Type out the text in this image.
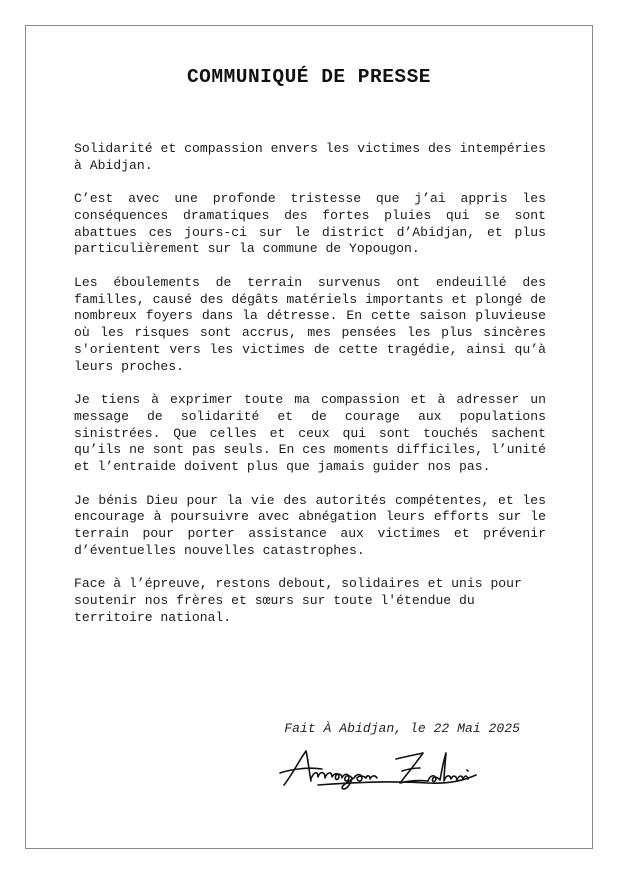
COMMUNIQUÉ DE PRESSE

Solidarité et compassion envers les victimes des intempéries à Abidjan.

C’est avec une profonde tristesse que j’ai appris les conséquences dramatiques des fortes pluies qui se sont abattues ces jours-ci sur le district d’Abidjan, et plus particulièrement sur la commune de Yopougon.

Les éboulements de terrain survenus ont endeuillé des familles, causé des dégâts matériels importants et plongé de nombreux foyers dans la détresse. En cette saison pluvieuse où les risques sont accrus, mes pensées les plus sincères s'orientent vers les victimes de cette tragédie, ainsi qu’à leurs proches.

Je tiens à exprimer toute ma compassion et à adresser un message de solidarité et de courage aux populations sinistrées. Que celles et ceux qui sont touchés sachent qu’ils ne sont pas seuls. En ces moments difficiles, l’unité et l’entraide doivent plus que jamais guider nos pas.

Je bénis Dieu pour la vie des autorités compétentes, et les encourage à poursuivre avec abnégation leurs efforts sur le terrain pour porter assistance aux victimes et prévenir d’éventuelles nouvelles catastrophes.

Face à l’épreuve, restons debout, solidaires et unis pour soutenir nos frères et sœurs sur toute l'étendue du territoire national.

Fait À Abidjan, le 22 Mai 2025
